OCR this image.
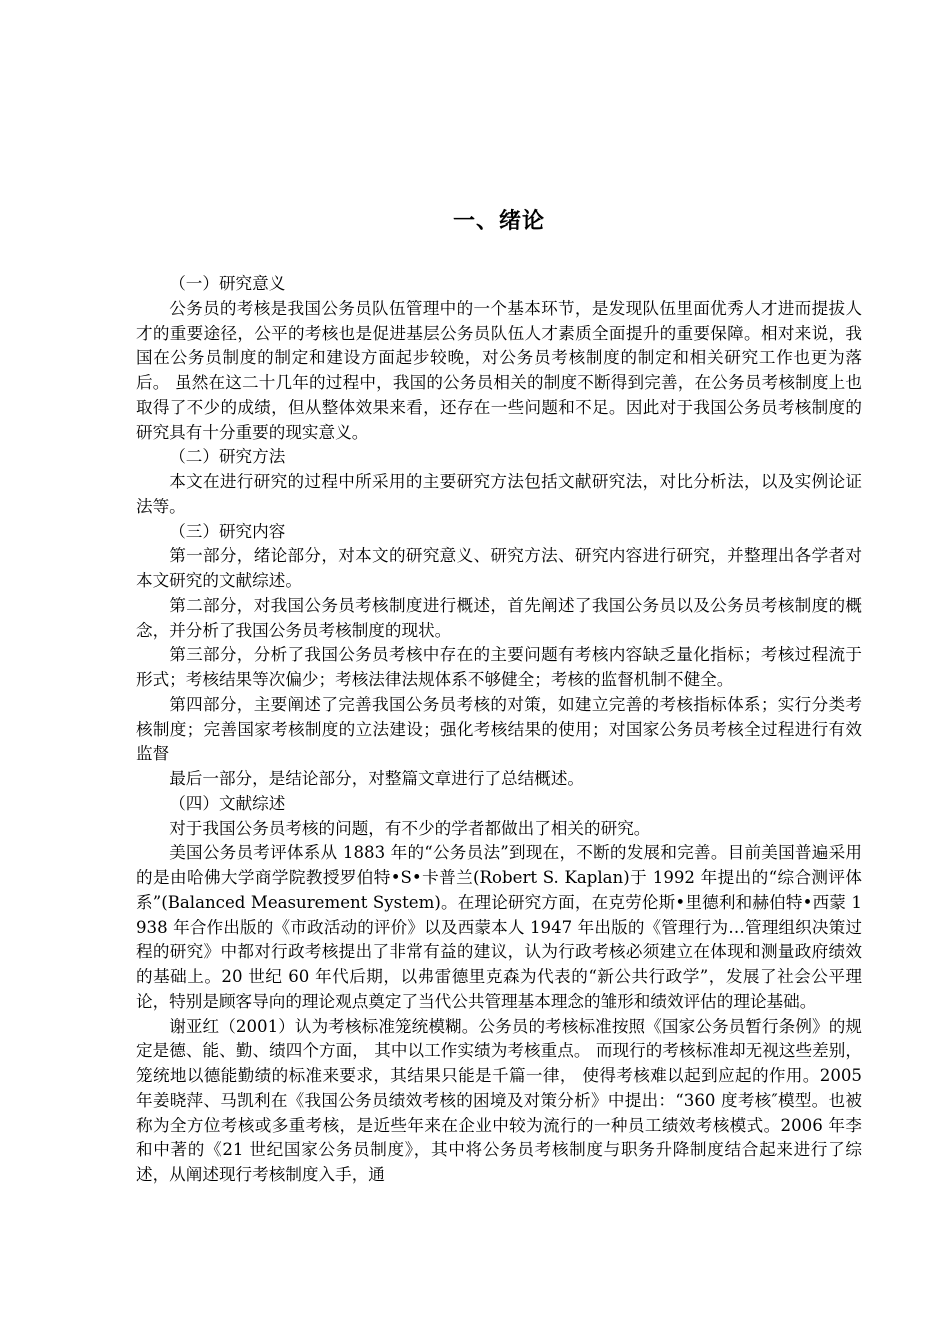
一、绪论

（一）研究意义

公务员的考核是我国公务员队伍管理中的一个基本环节，是发现队伍里面优秀人才进而提拔人才的重要途径，公平的考核也是促进基层公务员队伍人才素质全面提升的重要保障。相对来说，我国在公务员制度的制定和建设方面起步较晚，对公务员考核制度的制定和相关研究工作也更为落后。 虽然在这二十几年的过程中，我国的公务员相关的制度不断得到完善，在公务员考核制度上也取得了不少的成绩，但从整体效果来看，还存在一些问题和不足。因此对于我国公务员考核制度的研究具有十分重要的现实意义。

（二）研究方法

本文在进行研究的过程中所采用的主要研究方法包括文献研究法，对比分析法，以及实例论证法等。

（三）研究内容

第一部分，绪论部分，对本文的研究意义、研究方法、研究内容进行研究，并整理出各学者对本文研究的文献综述。

第二部分，对我国公务员考核制度进行概述，首先阐述了我国公务员以及公务员考核制度的概念，并分析了我国公务员考核制度的现状。

第三部分，分析了我国公务员考核中存在的主要问题有考核内容缺乏量化指标；考核过程流于形式；考核结果等次偏少；考核法律法规体系不够健全；考核的监督机制不健全。

第四部分，主要阐述了完善我国公务员考核的对策，如建立完善的考核指标体系；实行分类考核制度；完善国家考核制度的立法建设；强化考核结果的使用；对国家公务员考核全过程进行有效监督

最后一部分，是结论部分，对整篇文章进行了总结概述。

（四）文献综述

对于我国公务员考核的问题，有不少的学者都做出了相关的研究。

美国公务员考评体系从 1883 年的“公务员法”到现在，不断的发展和完善。目前美国普遍采用的是由哈佛大学商学院教授罗伯特•S•卡普兰(Robert S. Kaplan)于 1992 年提出的“综合测评体系”(Balanced Measurement System)。在理论研究方面，在克劳伦斯•里德利和赫伯特•西蒙 1938 年合作出版的《市政活动的评价》以及西蒙本人 1947 年出版的《管理行为…管理组织决策过程的研究》中都对行政考核提出了非常有益的建议，认为行政考核必须建立在体现和测量政府绩效的基础上。20 世纪 60 年代后期，以弗雷德里克森为代表的“新公共行政学”，发展了社会公平理论，特别是顾客导向的理论观点奠定了当代公共管理基本理念的雏形和绩效评估的理论基础。

谢亚红（2001）认为考核标准笼统模糊。公务员的考核标准按照《国家公务员暂行条例》的规定是德、能、勤、绩四个方面， 其中以工作实绩为考核重点。 而现行的考核标准却无视这些差别， 笼统地以德能勤绩的标准来要求，其结果只能是千篇一律， 使得考核难以起到应起的作用。2005 年姜晓萍、马凯利在《我国公务员绩效考核的困境及对策分析》中提出：“360 度考核″模型。也被称为全方位考核或多重考核，是近些年来在企业中较为流行的一种员工绩效考核模式。2006 年李和中著的《21 世纪国家公务员制度》，其中将公务员考核制度与职务升降制度结合起来进行了综述，从阐述现行考核制度入手，通
